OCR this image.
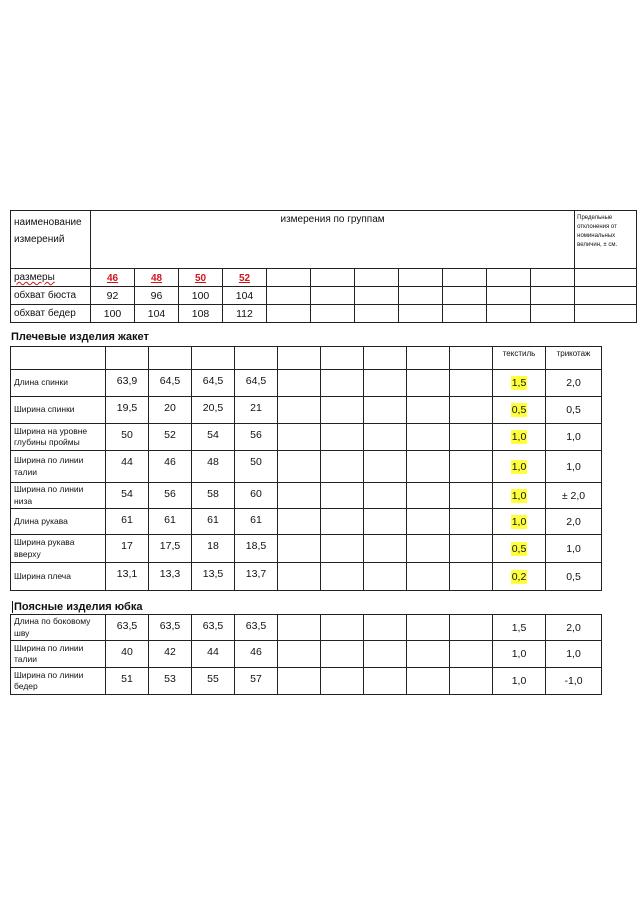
наименование измерений	измерения по группам											Предельные отклонения от номинальных величин, ± см.
размеры	46	48	50	52								
обхват бюста	92	96	100	104								
обхват бедер	100	104	108	112								
Плечевые изделия жакет
										текстиль	трикотаж
Длина спинки	63,9	64,5	64,5	64,5						1,5	2,0
Ширина спинки	19,5	20	20,5	21						0,5	0,5
Ширина на уровне глубины проймы	50	52	54	56						1,0	1,0
Ширина по линии талии	44	46	48	50						1,0	1,0
Ширина по линии низа	54	56	58	60						1,0	± 2,0
Длина рукава	61	61	61	61						1,0	2,0
Ширина рукава вверху	17	17,5	18	18,5						0,5	1,0
Ширина плеча	13,1	13,3	13,5	13,7						0,2	0,5
Поясные изделия юбка
Длина по боковому шву	63,5	63,5	63,5	63,5						1,5	2,0
Ширина по линии талии	40	42	44	46						1,0	1,0
Ширина по линии бедер	51	53	55	57						1,0	-1,0
